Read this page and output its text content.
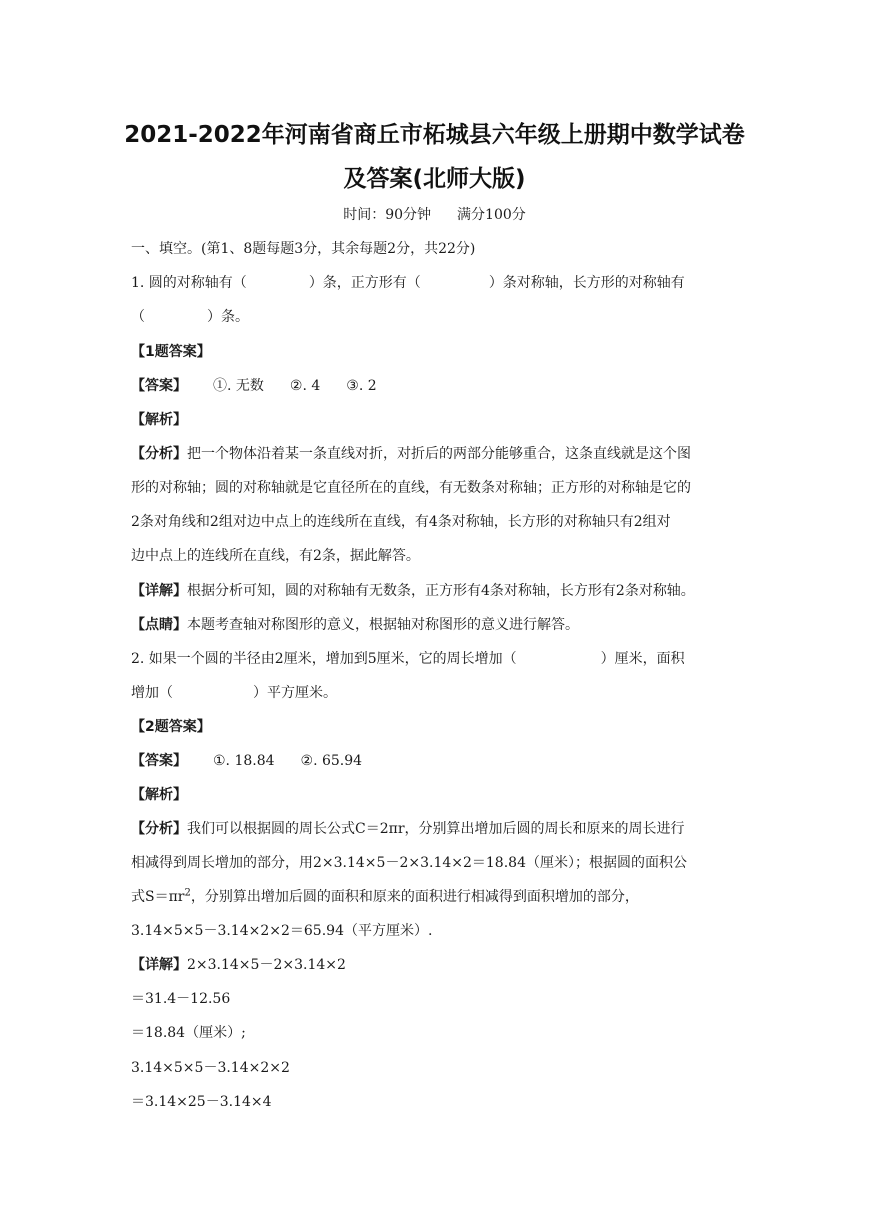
2021-2022年河南省商丘市柘城县六年级上册期中数学试卷
及答案(北师大版)
时间：90分钟 满分100分
一、填空。(第1、8题每题3分，其余每题2分，共22分)
1. 圆的对称轴有（	）条，正方形有（	）条对称轴，长方形的对称轴有
（	）条。
【1题答案】
【答案】 ①. 无数 ②. 4 ③. 2
【解析】
【分析】把一个物体沿着某一条直线对折，对折后的两部分能够重合，这条直线就是这个图
形的对称轴；圆的对称轴就是它直径所在的直线，有无数条对称轴；正方形的对称轴是它的
2条对角线和2组对边中点上的连线所在直线，有4条对称轴，长方形的对称轴只有2组对
边中点上的连线所在直线，有2条，据此解答。
【详解】根据分析可知，圆的对称轴有无数条，正方形有4条对称轴，长方形有2条对称轴。
【点睛】本题考查轴对称图形的意义，根据轴对称图形的意义进行解答。
2. 如果一个圆的半径由2厘米，增加到5厘米，它的周长增加（	）厘米，面积
增加（	）平方厘米。
【2题答案】
【答案】 ①. 18.84 ②. 65.94
【解析】
【分析】我们可以根据圆的周长公式C＝2πr，分别算出增加后圆的周长和原来的周长进行
相减得到周长增加的部分，用2×3.14×5－2×3.14×2＝18.84（厘米）；根据圆的面积公
式$S=\pi r^2$，分别算出增加后圆的面积和原来的面积进行相减得到面积增加的部分，
3.14×5×5－3.14×2×2＝65.94（平方厘米）.
【详解】2×3.14×5－2×3.14×2
＝31.4－12.56
＝18.84（厘米）;
3.14×5×5－3.14×2×2
＝3.14×25－3.14×4
